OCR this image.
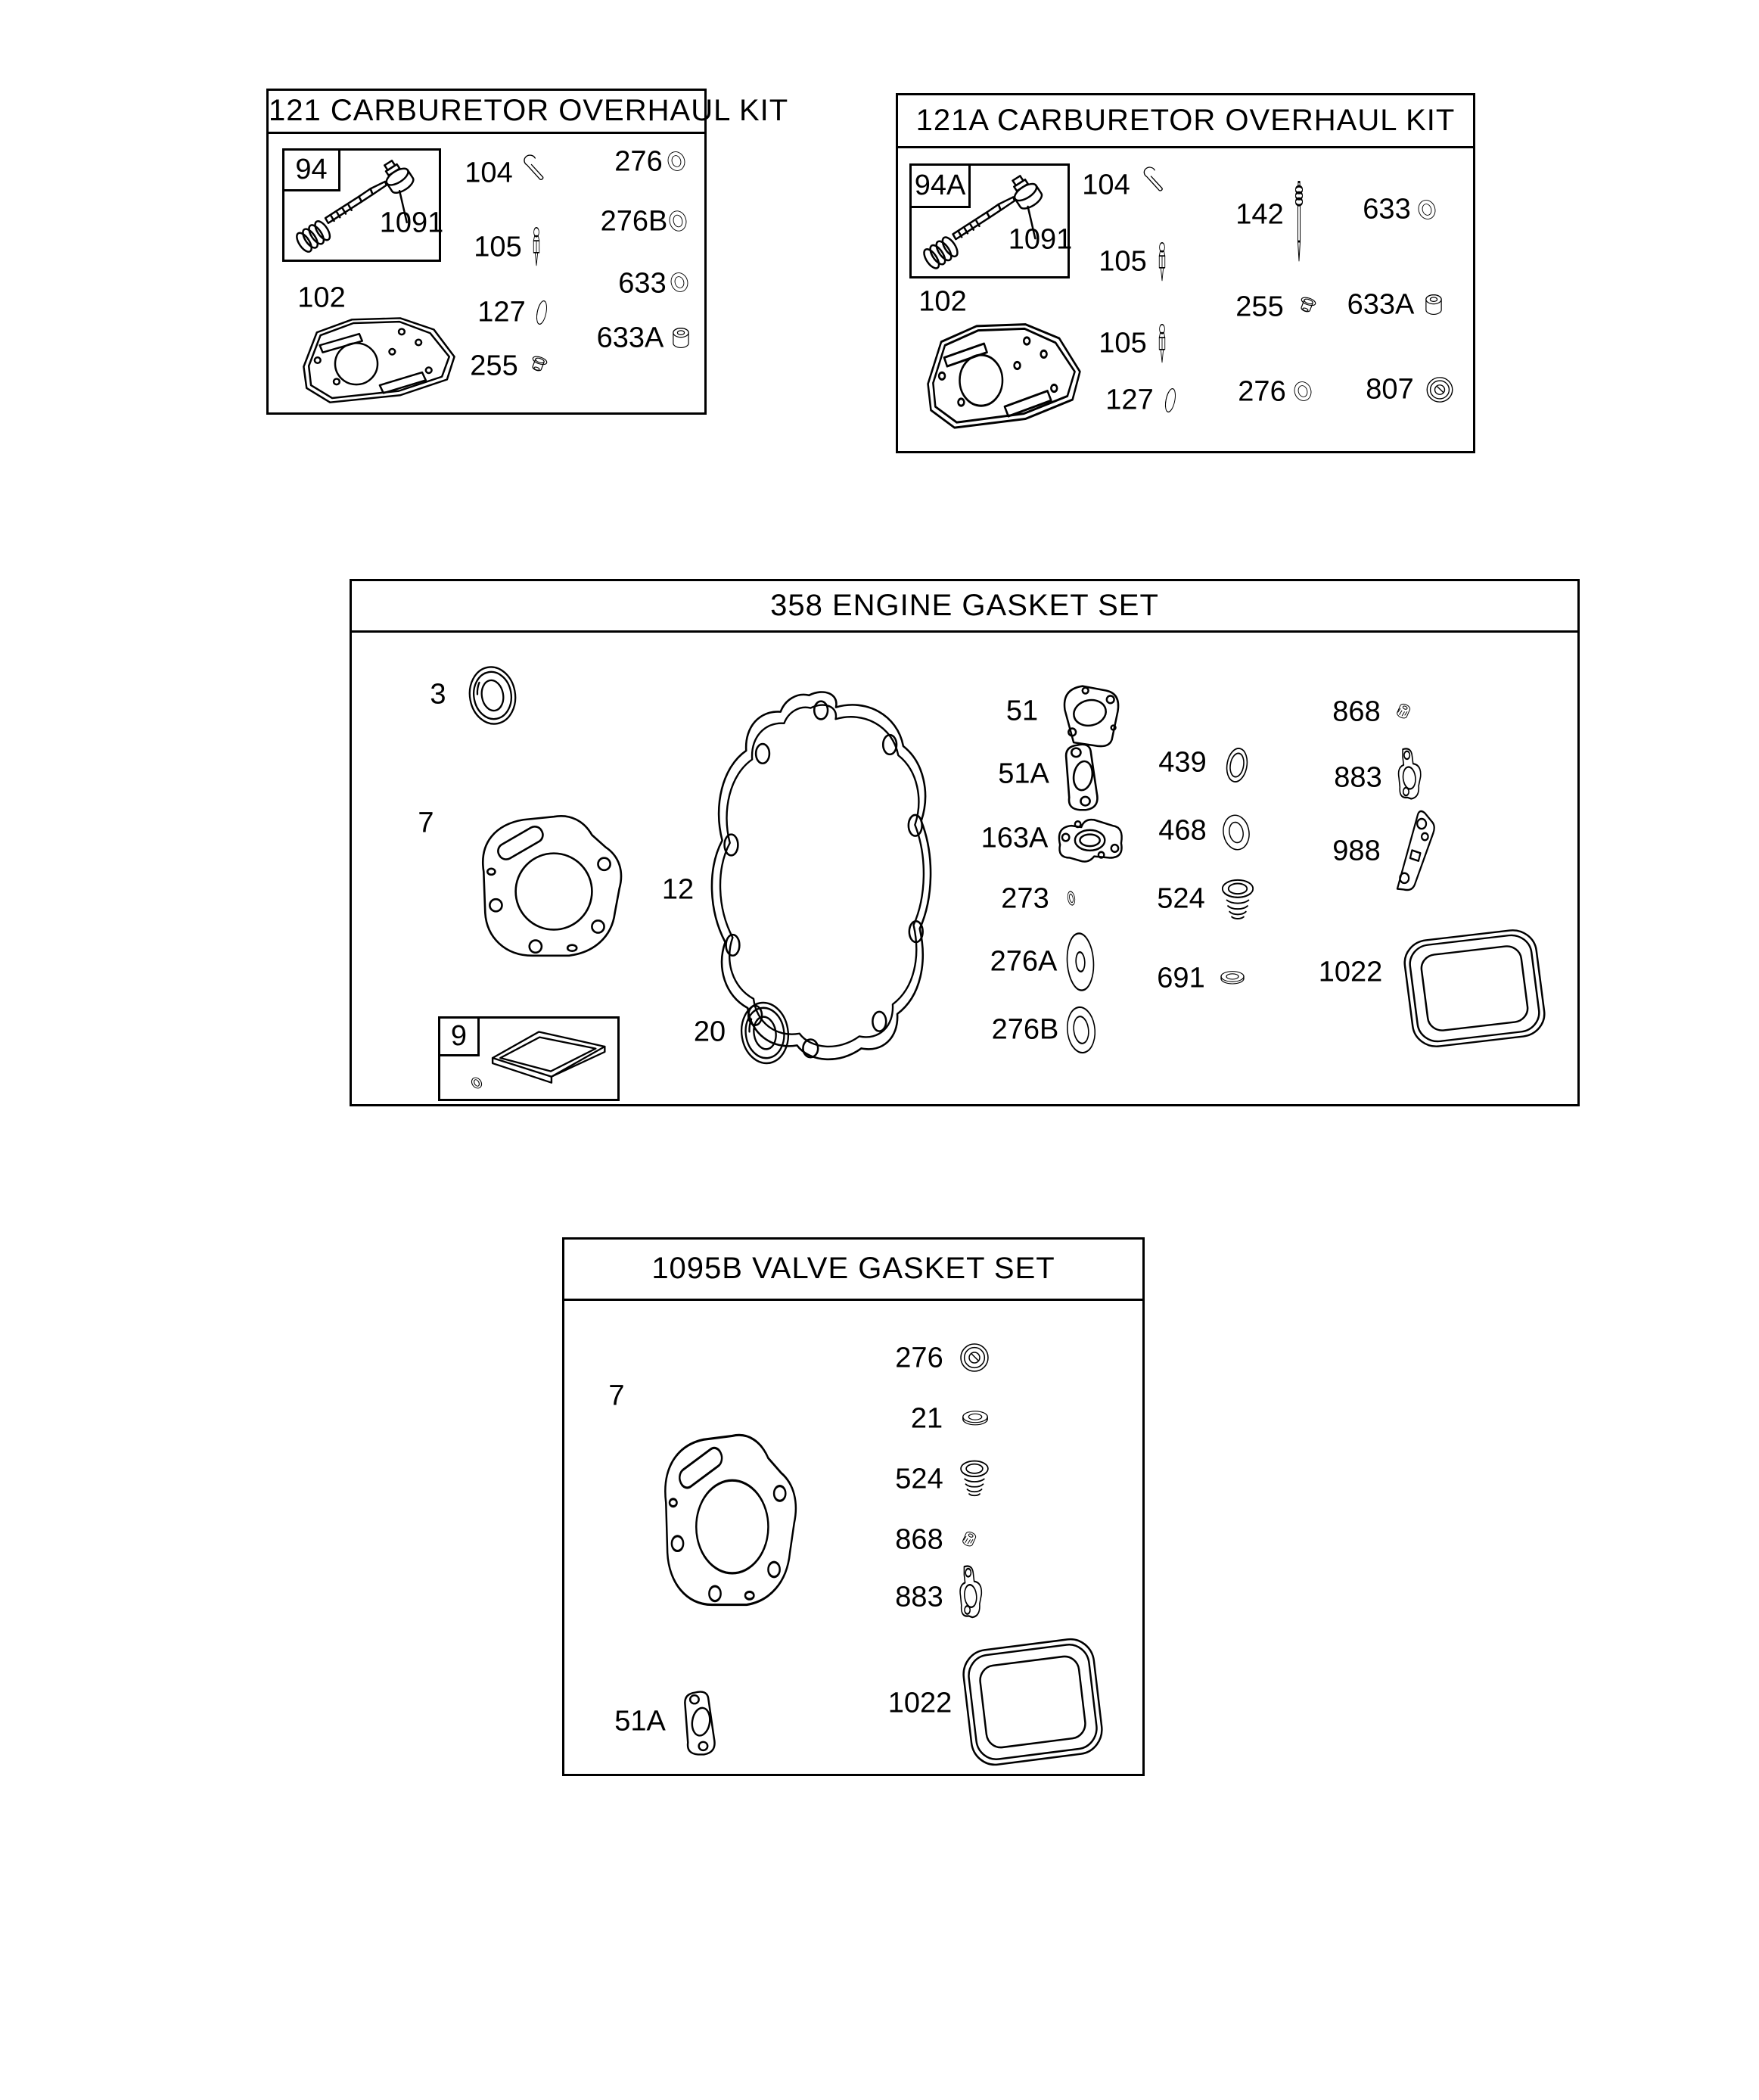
121 CARBURETOR OVERHAUL KIT
102
104
105
127
255
276
276B
633
633A
94
1091
121A CARBURETOR OVERHAUL KIT
102
104
105
105
127
142
255
276
633
633A
807
94A
1091
358 ENGINE GASKET SET
3
7
12
20
51
51A
163A
273
276A
276B
439
468
524
691
868
883
988
1022
9
1095B VALVE GASKET SET
7
276
21
524
868
883
51A
1022
